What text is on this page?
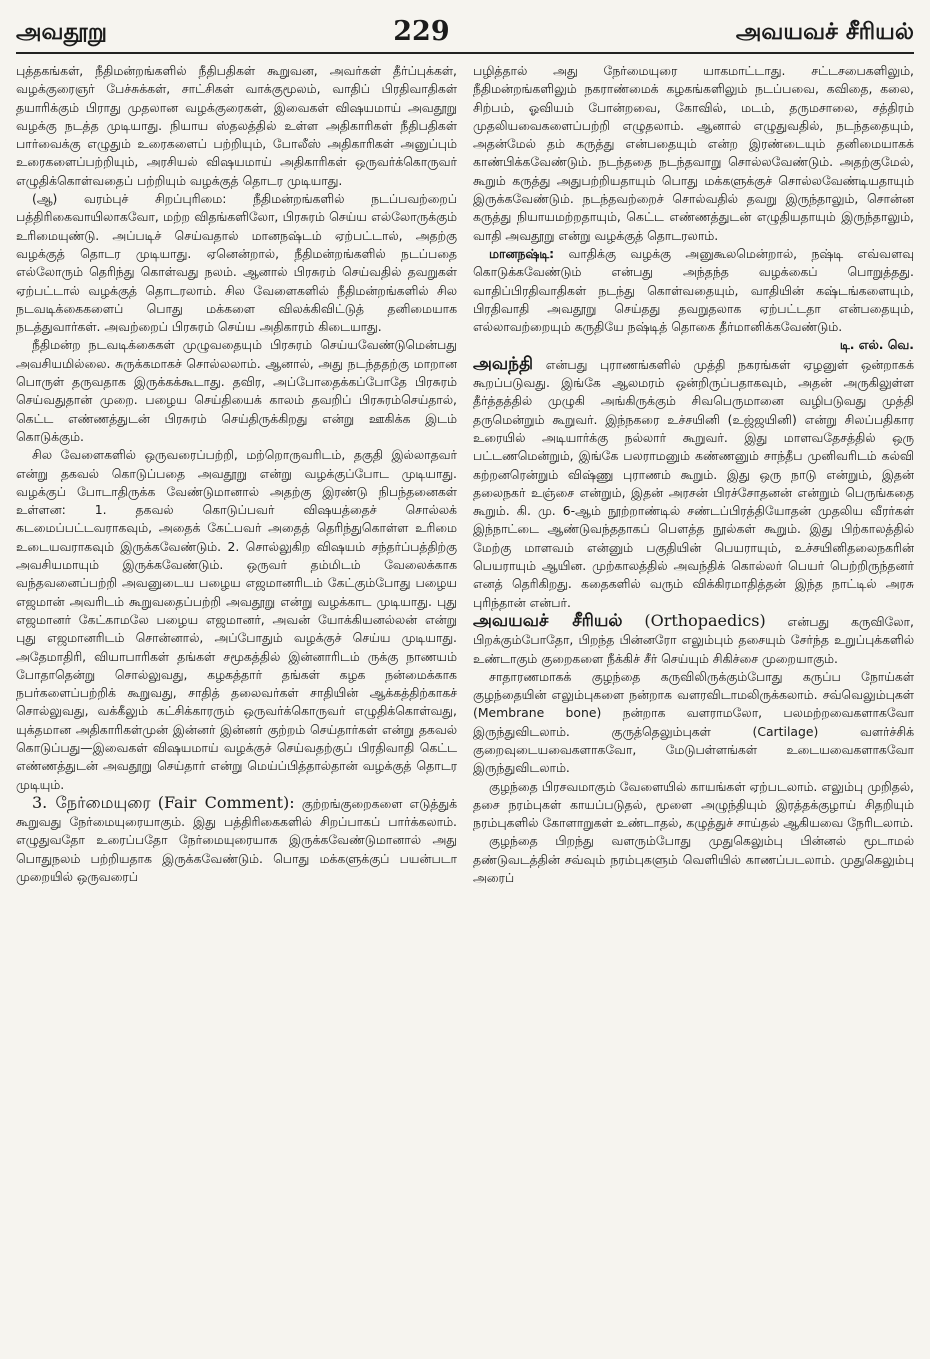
அவதூறு	229	அவயவச் சீரியல்

புத்தகங்கள், நீதிமன்றங்களில் நீதிபதிகள் கூறுவன, அவர்கள் தீர்ப்புக்கள், வழக்குரைஞர் பேச்சுக்கள், சாட்சிகள் வாக்குமூலம், வாதிப் பிரதிவாதிகள் தயாரிக்கும் பிராது முதலான வழக்குரைகள், இவைகள் விஷயமாய் அவதூறு வழக்கு நடத்த முடியாது. நியாய ஸ்தலத்தில் உள்ள அதிகாரிகள் நீதிபதிகள் பார்வைக்கு எழுதும் உரைகளைப் பற்றியும், போலீஸ் அதிகாரிகள் அனுப்பும் உரைகளைப்பற்றியும், அரசியல் விஷயமாய் அதிகாரிகள் ஒருவர்க்கொருவர் எழுதிக்கொள்வதைப் பற்றியும் வழக்குத் தொடர முடியாது.

(ஆ) வரம்புச் சிறப்புரிமை: நீதிமன்றங்களில் நடப்பவற்றைப் பத்திரிகைவாயிலாகவோ, மற்ற விதங்களிலோ, பிரசுரம் செய்ய எல்லோருக்கும் உரிமையுண்டு. அப்படிச் செய்வதால் மானநஷ்டம் ஏற்பட்டால், அதற்கு வழக்குத் தொடர முடியாது. ஏனென்றால், நீதிமன்றங்களில் நடப்பதை எல்லோரும் தெரிந்து கொள்வது நலம். ஆனால் பிரசுரம் செய்வதில் தவறுகள் ஏற்பட்டால் வழக்குத் தொடரலாம். சில வேளைகளில் நீதிமன்றங்களில் சில நடவடிக்கைகளைப் பொது மக்களை விலக்கிவிட்டுத் தனிமையாக நடத்துவார்கள். அவற்றைப் பிரசுரம் செய்ய அதிகாரம் கிடையாது.

நீதிமன்ற நடவடிக்கைகள் முழுவதையும் பிரசுரம் செய்யவேண்டுமென்பது அவசியமில்லை. சுருக்கமாகச் சொல்லலாம். ஆனால், அது நடந்ததற்கு மாறான பொருள் தருவதாக இருக்கக்கூடாது. தவிர, அப்போதைக்கப்போதே பிரசுரம் செய்வதுதான் முறை. பழைய செய்தியைக் காலம் தவறிப் பிரசுரம்செய்தால், கெட்ட எண்ணத்துடன் பிரசுரம் செய்திருக்கிறது என்று ஊகிக்க இடம் கொடுக்கும்.

சில வேளைகளில் ஒருவரைப்பற்றி, மற்றொருவரிடம், தகுதி இல்லாதவர் என்று தகவல் கொடுப்பதை அவதூறு என்று வழக்குப்போட முடியாது. வழக்குப் போடாதிருக்க வேண்டுமானால் அதற்கு இரண்டு நிபந்தனைகள் உள்ளன: 1. தகவல் கொடுப்பவர் விஷயத்தைச் சொல்லக் கடமைப்பட்டவராகவும், அதைக் கேட்பவர் அதைத் தெரிந்துகொள்ள உரிமை உடையவராகவும் இருக்கவேண்டும். 2. சொல்லுகிற விஷயம் சந்தர்ப்பத்திற்கு அவசியமாயும் இருக்கவேண்டும். ஒருவர் தம்மிடம் வேலைக்காக வந்தவனைப்பற்றி அவனுடைய பழைய எஜமானரிடம் கேட்கும்போது பழைய எஜமான் அவரிடம் கூறுவதைப்பற்றி அவதூறு என்று வழக்காட முடியாது. புது எஜமானர் கேட்காமலே பழைய எஜமானர், அவன் யோக்கியனல்லன் என்று புது எஜமானரிடம் சொன்னால், அப்போதும் வழக்குச் செய்ய முடியாது. அதேமாதிரி, வியாபாரிகள் தங்கள் சமூகத்தில் இன்னாரிடம் ருக்கு நாணயம் போதாதென்று சொல்லுவது, கழகத்தார் தங்கள் கழக நன்மைக்காக நபர்களைப்பற்றிக் கூறுவது, சாதித் தலைவர்கள் சாதியின் ஆக்கத்திற்காகச் சொல்லுவது, வக்கீலும் கட்சிக்காரரும் ஒருவர்க்கொருவர் எழுதிக்கொள்வது, யுக்தமான அதிகாரிகள்முன் இன்னர் இன்னர் குற்றம் செய்தார்கள் என்று தகவல் கொடுப்பது—இவைகள் விஷயமாய் வழக்குச் செய்வதற்குப் பிரதிவாதி கெட்ட எண்ணத்துடன் அவதூறு செய்தார் என்று மெய்ப்பித்தால்தான் வழக்குத் தொடர முடியும்.

3. நேர்மையுரை (Fair Comment): குற்றங்குறைகளை எடுத்துக் கூறுவது நேர்மையுரையாகும். இது பத்திரிகைகளில் சிறப்பாகப் பார்க்கலாம். எழுதுவதோ உரைப்பதோ நேர்மையுரையாக இருக்கவேண்டுமானால் அது பொதுநலம் பற்றியதாக இருக்கவேண்டும். பொது மக்களுக்குப் பயன்படா முறையில் ஒருவரைப்

பழித்தால் அது நேர்மையுரை யாகமாட்டாது. சட்டசபைகளிலும், நீதிமன்றங்களிலும் நகராண்மைக் கழகங்களிலும் நடப்பவை, கவிதை, கலை, சிற்பம், ஓவியம் போன்றவை, கோவில், மடம், தருமசாலை, சத்திரம் முதலியவைகளைப்பற்றி எழுதலாம். ஆனால் எழுதுவதில், நடந்ததையும், அதன்மேல் தம் கருத்து என்பதையும் என்ற இரண்டையும் தனிமையாகக் காண்பிக்கவேண்டும். நடந்ததை நடந்தவாறு சொல்லவேண்டும். அதற்குமேல், கூறும் கருத்து அதுபற்றியதாயும் பொது மக்களுக்குச் சொல்லவேண்டியதாயும் இருக்கவேண்டும். நடந்தவற்றைச் சொல்வதில் தவறு இருந்தாலும், சொன்ன கருத்து நியாயமற்றதாயும், கெட்ட எண்ணத்துடன் எழுதியதாயும் இருந்தாலும், வாதி அவதூறு என்று வழக்குத் தொடரலாம்.

மானநஷ்டி: வாதிக்கு வழக்கு அனுகூலமென்றால், நஷ்டி எவ்வளவு கொடுக்கவேண்டும் என்பது அந்தந்த வழக்கைப் பொறுத்தது. வாதிப்பிரதிவாதிகள் நடந்து கொள்வதையும், வாதியின் கஷ்டங்களையும், பிரதிவாதி அவதூறு செய்தது தவறுதலாக ஏற்பட்டதா என்பதையும், எல்லாவற்றையும் கருதியே நஷ்டித் தொகை தீர்மானிக்கவேண்டும்.
டி. எல். வெ.

அவந்தி என்பது புராணங்களில் முத்தி நகரங்கள் ஏழனுள் ஒன்றாகக் கூறப்படுவது. இங்கே ஆலமரம் ஒன்றிருப்பதாகவும், அதன் அருகிலுள்ள தீர்த்தத்தில் முழுகி அங்கிருக்கும் சிவபெருமானை வழிபடுவது முத்தி தருமென்றும் கூறுவர். இந்நகரை உச்சயினி (உஜ்ஜயினி) என்று சிலப்பதிகார உரையில் அடியார்க்கு நல்லார் கூறுவர். இது மாளவதேசத்தில் ஒரு பட்டணமென்றும், இங்கே பலராமனும் கண்ணனும் சாந்தீப முனிவரிடம் கல்வி கற்றனரென்றும் விஷ்ணு புராணம் கூறும். இது ஒரு நாடு என்றும், இதன் தலைநகர் உஞ்சை என்றும், இதன் அரசன் பிரச்சோதனன் என்றும் பெருங்கதை கூறும். கி. மு. 6-ஆம் நூற்றாண்டில் சண்டப்பிரத்தியோதன் முதலிய வீரர்கள் இந்நாட்டை ஆண்டுவந்ததாகப் பௌத்த நூல்கள் கூறும். இது பிற்காலத்தில் மேற்கு மாளவம் என்னும் பகுதியின் பெயராயும், உச்சயினிதலைநகரின் பெயராயும் ஆயின. முற்காலத்தில் அவந்திக் கொல்லர் பெயர் பெற்றிருந்தனர் எனத் தெரிகிறது. கதைகளில் வரும் விக்கிரமாதித்தன் இந்த நாட்டில் அரசு புரிந்தான் என்பர்.

அவயவச் சீரியல் (Orthopaedics) என்பது கருவிலோ, பிறக்கும்போதோ, பிறந்த பின்னரோ எலும்பும் தசையும் சேர்ந்த உறுப்புக்களில் உண்டாகும் குறைகளை நீக்கிச் சீர் செய்யும் சிகிச்சை முறையாகும்.

சாதாரணமாகக் குழந்தை கருவிலிருக்கும்போது கருப்ப நோய்கள் குழந்தையின் எலும்புகளை நன்றாக வளரவிடாமலிருக்கலாம். சவ்வெலும்புகள் (Membrane bone) நன்றாக வளராமலோ, பலமற்றவைகளாகவோ இருந்துவிடலாம். குருத்தெலும்புகள் (Cartilage) வளர்ச்சிக் குறைவுடையவைகளாகவோ, மேடுபள்ளங்கள் உடையவைகளாகவோ இருந்துவிடலாம்.

குழந்தை பிரசவமாகும் வேளையில் காயங்கள் ஏற்படலாம். எலும்பு முறிதல், தசை நரம்புகள் காயப்படுதல், மூளை அழுந்தியும் இரத்தக்குழாய் சிதறியும் நரம்புகளில் கோளாறுகள் உண்டாதல், கழுத்துச் சாய்தல் ஆகியவை நேரிடலாம்.

குழந்தை பிறந்து வளரும்போது முதுகெலும்பு பின்னல் மூடாமல் தண்டுவடத்தின் சவ்வும் நரம்புகளும் வெளியில் காணப்படலாம். முதுகெலும்பு அரைப்
